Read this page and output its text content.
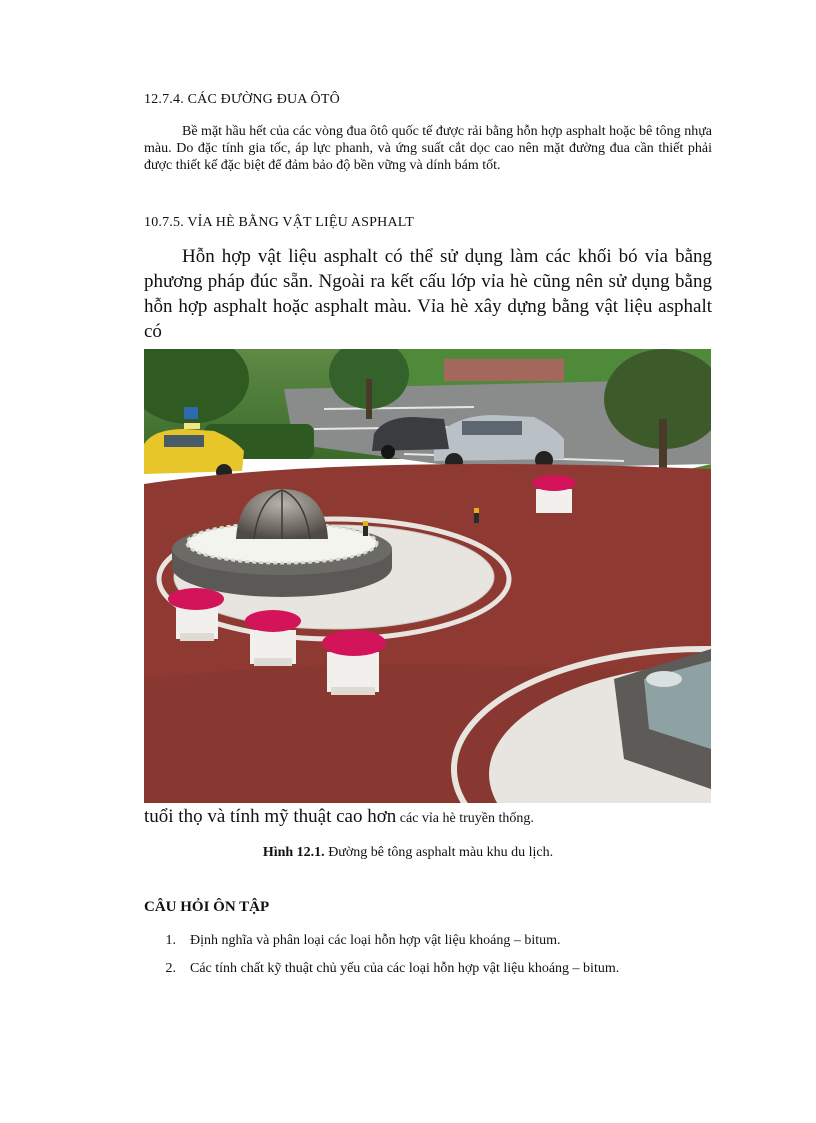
12.7.4. CÁC ĐƯỜNG ĐUA ÔTÔ
Bề mặt hầu hết của các vòng đua ôtô quốc tế được rải bằng hỗn hợp asphalt hoặc bê tông nhựa màu. Do đặc tính gia tốc, áp lực phanh, và ứng suất cắt dọc cao nên mặt đường đua cần thiết phải được thiết kế đặc biệt để đảm bảo độ bền vững và dính bám tốt.
10.7.5. VỈA HÈ BẰNG VẬT LIỆU ASPHALT
Hỗn hợp vật liệu asphalt có thể sử dụng làm các khối bó vỉa bằng phương pháp đúc sẵn. Ngoài ra kết cấu lớp vỉa hè cũng nên sử dụng bằng hỗn hợp asphalt hoặc asphalt màu. Vỉa hè xây dựng bằng vật liệu asphalt có
tuổi thọ và tính mỹ thuật cao hơn các vỉa hè truyền thống.
Hình 12.1. Đường bê tông asphalt màu khu du lịch.
CÂU HỎI ÔN TẬP
1.	Định nghĩa và phân loại các loại hỗn hợp vật liệu khoáng – bitum.
2.	Các tính chất kỹ thuật chủ yếu của các loại hỗn hợp vật liệu khoáng – bitum.
